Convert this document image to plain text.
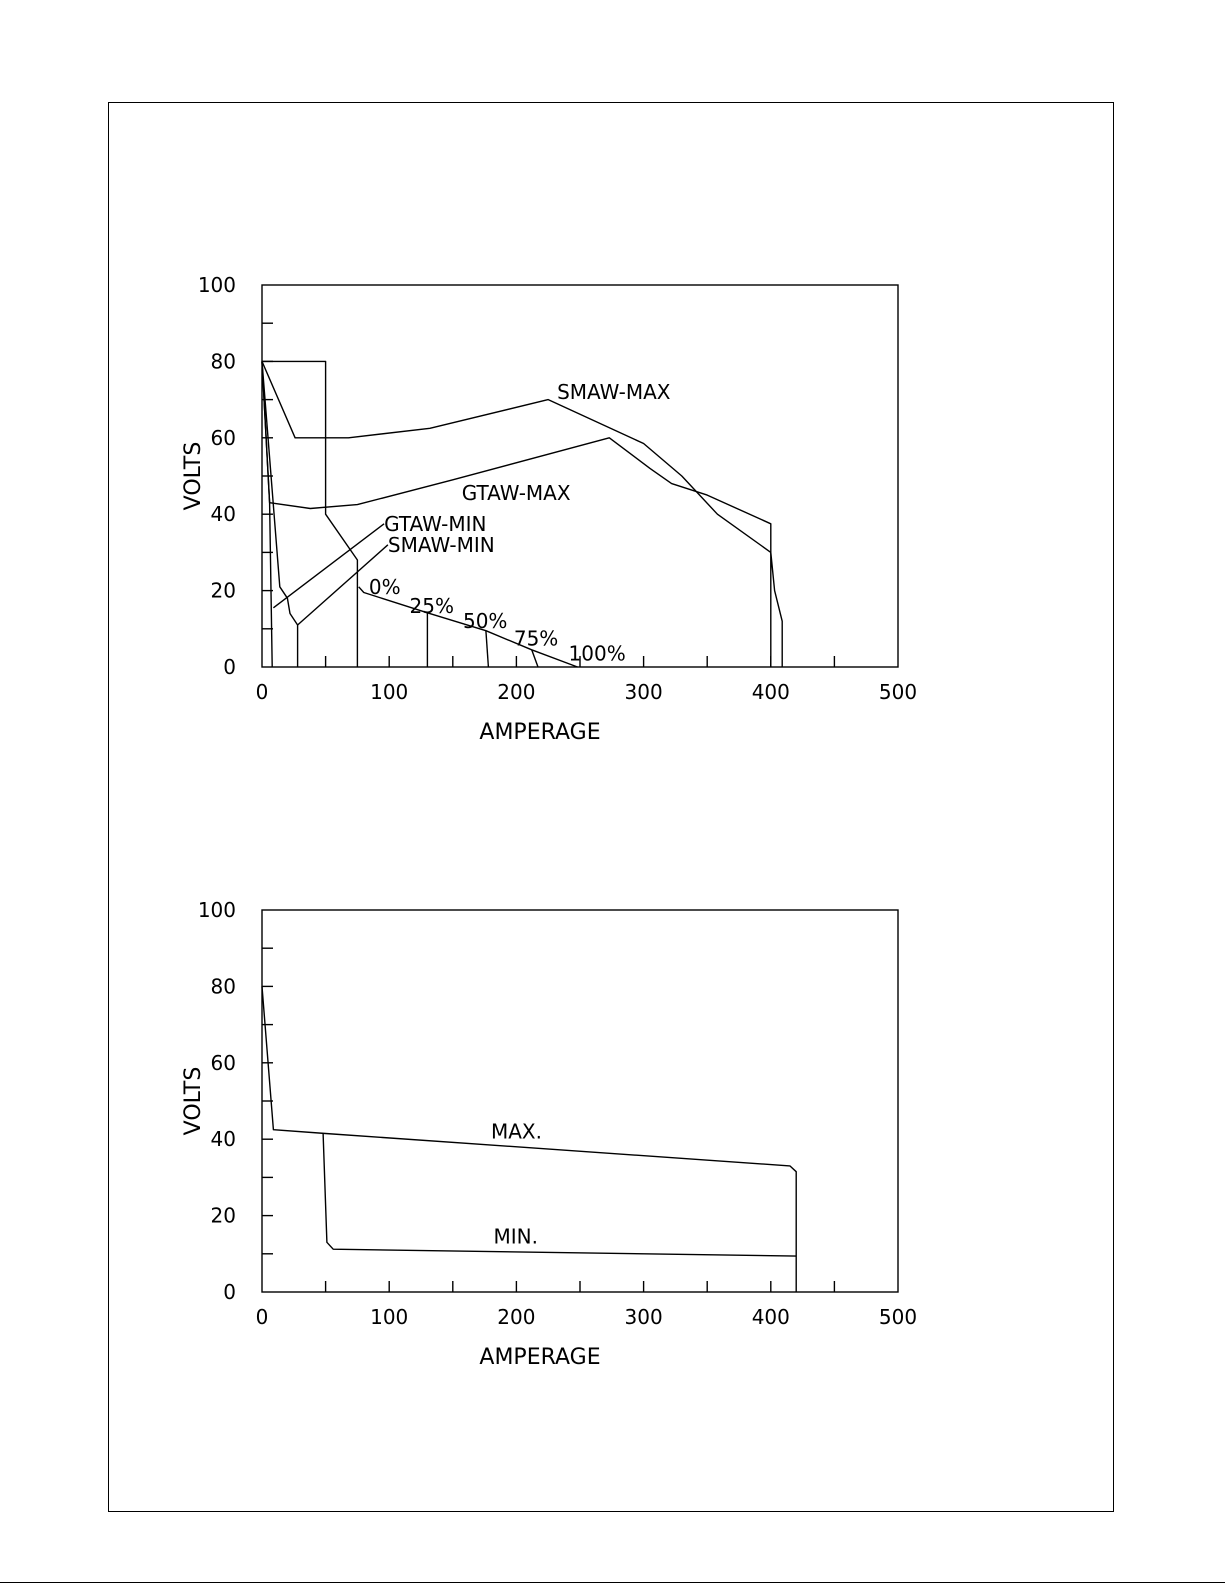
0	100	200	300	400	500
0
20
40
60
80
100
AMPERAGE
VOLTS
SMAW-MAX
GTAW-MAX
GTAW-MIN
SMAW-MIN
0%
25%
50%
75%
100%
0	100	200	300	400	500
0
20
40
60
80
100
AMPERAGE
VOLTS	MAX.
MIN.
